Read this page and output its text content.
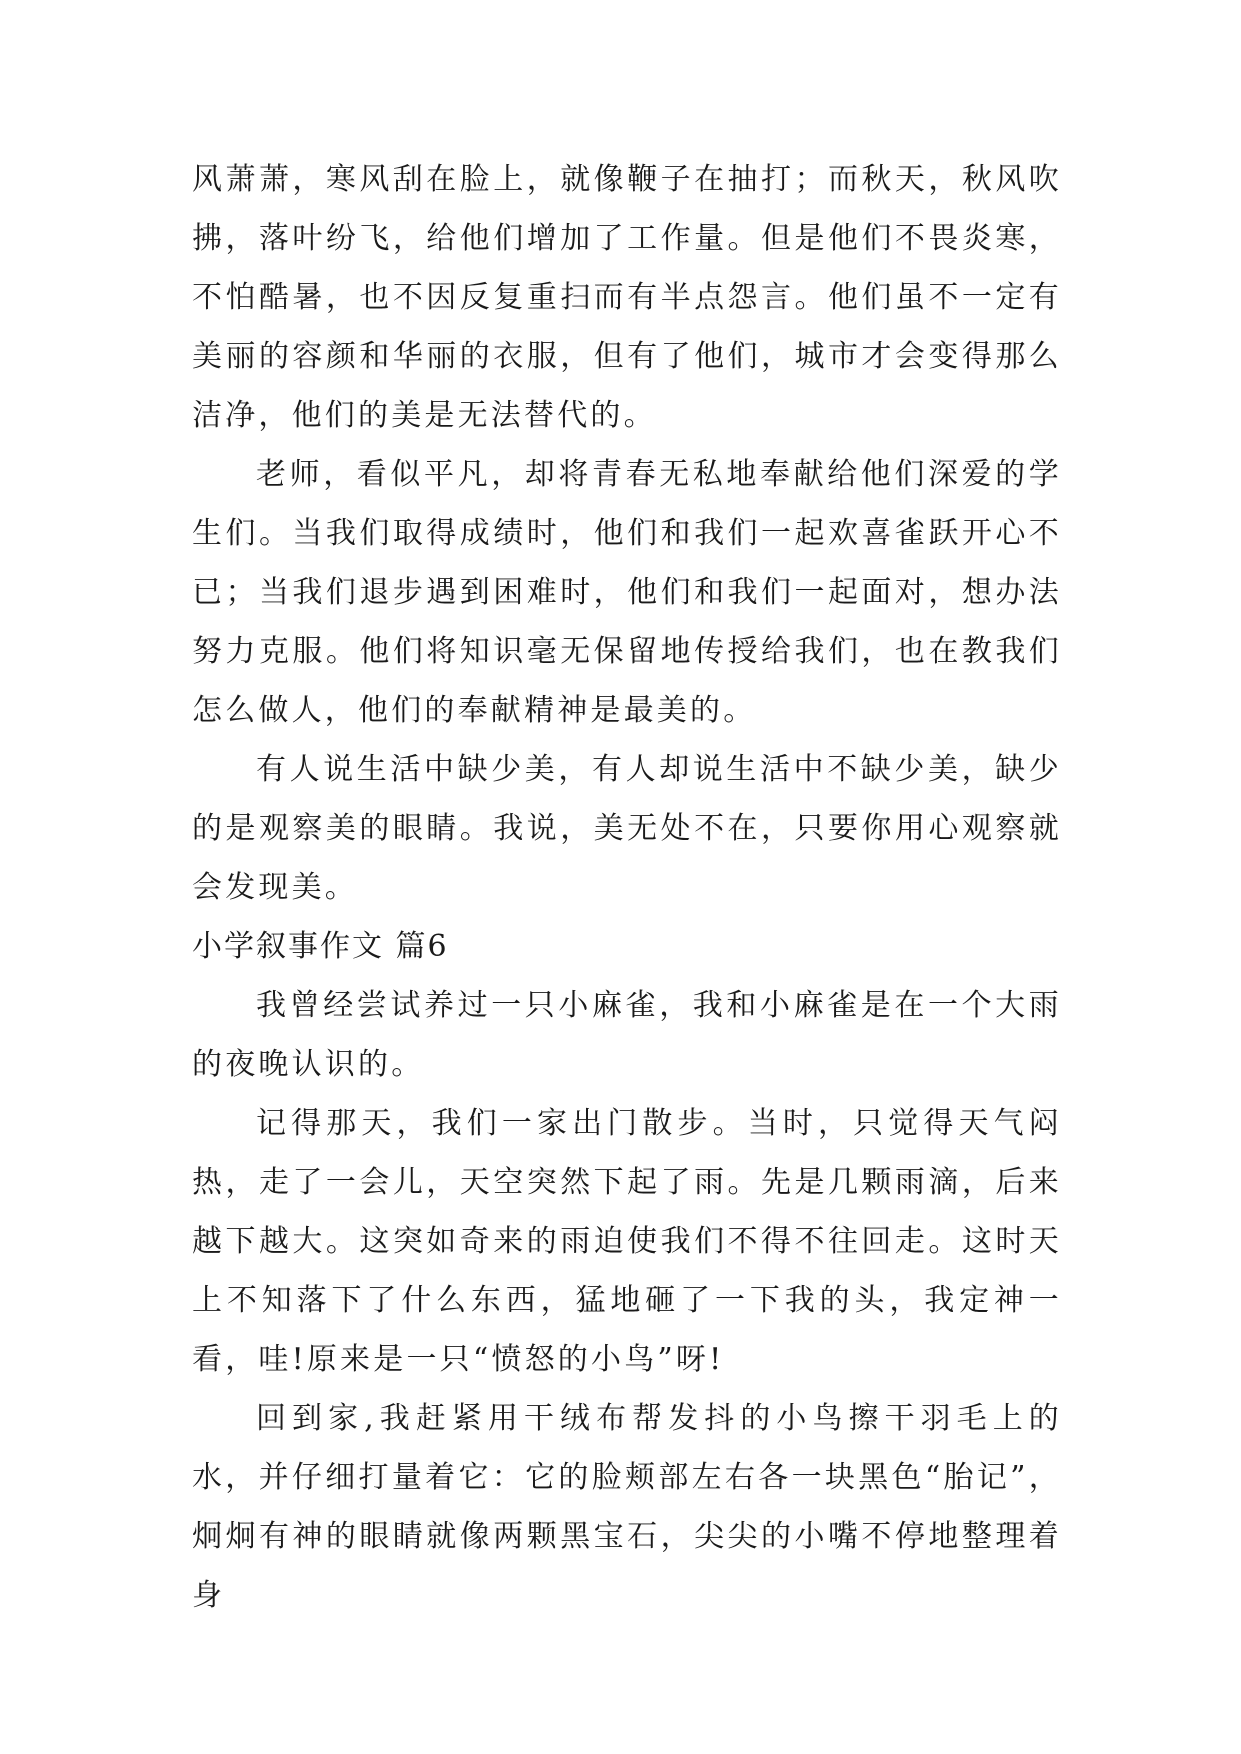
风萧萧，寒风刮在脸上，就像鞭子在抽打；而秋天，秋风吹拂，落叶纷飞，给他们增加了工作量。但是他们不畏炎寒，不怕酷暑，也不因反复重扫而有半点怨言。他们虽不一定有美丽的容颜和华丽的衣服，但有了他们，城市才会变得那么洁净，他们的美是无法替代的。

老师，看似平凡，却将青春无私地奉献给他们深爱的学生们。当我们取得成绩时，他们和我们一起欢喜雀跃开心不已；当我们退步遇到困难时，他们和我们一起面对，想办法努力克服。他们将知识毫无保留地传授给我们，也在教我们怎么做人，他们的奉献精神是最美的。

有人说生活中缺少美，有人却说生活中不缺少美，缺少的是观察美的眼睛。我说，美无处不在，只要你用心观察就会发现美。

小学叙事作文 篇6

我曾经尝试养过一只小麻雀，我和小麻雀是在一个大雨的夜晚认识的。

记得那天，我们一家出门散步。当时，只觉得天气闷热，走了一会儿，天空突然下起了雨。先是几颗雨滴，后来越下越大。这突如奇来的雨迫使我们不得不往回走。这时天上不知落下了什么东西，猛地砸了一下我的头，我定神一看，哇!原来是一只“愤怒的小鸟”呀!

回到家,我赶紧用干绒布帮发抖的小鸟擦干羽毛上的水，并仔细打量着它：它的脸颊部左右各一块黑色“胎记”，炯炯有神的眼睛就像两颗黑宝石，尖尖的小嘴不停地整理着身
